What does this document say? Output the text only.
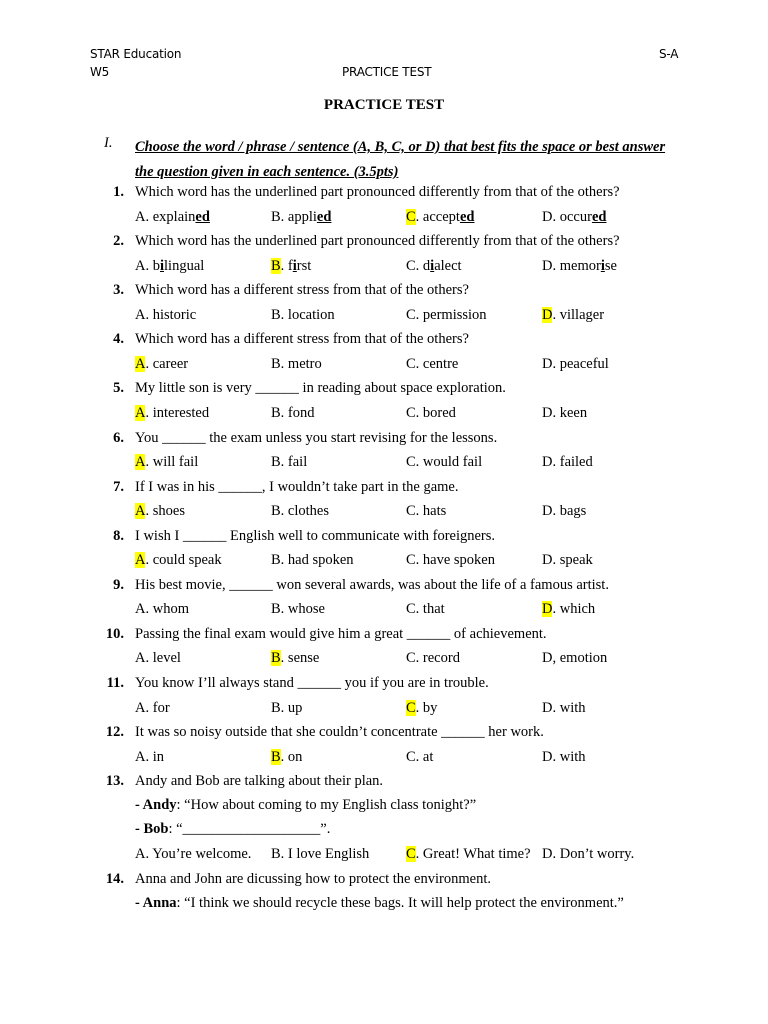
STAR Education
W5	PRACTICE TEST
S-A
PRACTICE TEST
I. Choose the word / phrase / sentence (A, B, C, or D) that best fits the space or best answer the question given in each sentence. (3.5pts)
1. Which word has the underlined part pronounced differently from that of the others?
A. explained	B. applied	C. accepted	D. occured
2. Which word has the underlined part pronounced differently from that of the others?
A. bilingual	B. first	C. dialect	D. memorise
3. Which word has a different stress from that of the others?
A. historic	B. location	C. permission	D. villager
4. Which word has a different stress from that of the others?
A. career	B. metro	C. centre	D. peaceful
5. My little son is very ______ in reading about space exploration.
A. interested	B. fond	C. bored	D. keen
6. You ______ the exam unless you start revising for the lessons.
A. will fail	B. fail	C. would fail	D. failed
7. If I was in his ______, I wouldn’t take part in the game.
A. shoes	B. clothes	C. hats	D. bags
8. I wish I ______ English well to communicate with foreigners.
A. could speak	B. had spoken	C. have spoken	D. speak
9. His best movie, ______ won several awards, was about the life of a famous artist.
A. whom	B. whose	C. that	D. which
10. Passing the final exam would give him a great ______ of achievement.
A. level	B. sense	C. record	D, emotion
11. You know I’ll always stand ______ you if you are in trouble.
A. for	B. up	C. by	D. with
12. It was so noisy outside that she couldn’t concentrate ______ her work.
A. in	B. on	C. at	D. with
13. Andy and Bob are talking about their plan.
- Andy: “How about coming to my English class tonight?”
- Bob: “___________________”.
A. You’re welcome. B. I love English	C. Great! What time? D. Don’t worry.
14. Anna and John are dicussing how to protect the environment.
- Anna: “I think we should recycle these bags. It will help protect the environment.”
